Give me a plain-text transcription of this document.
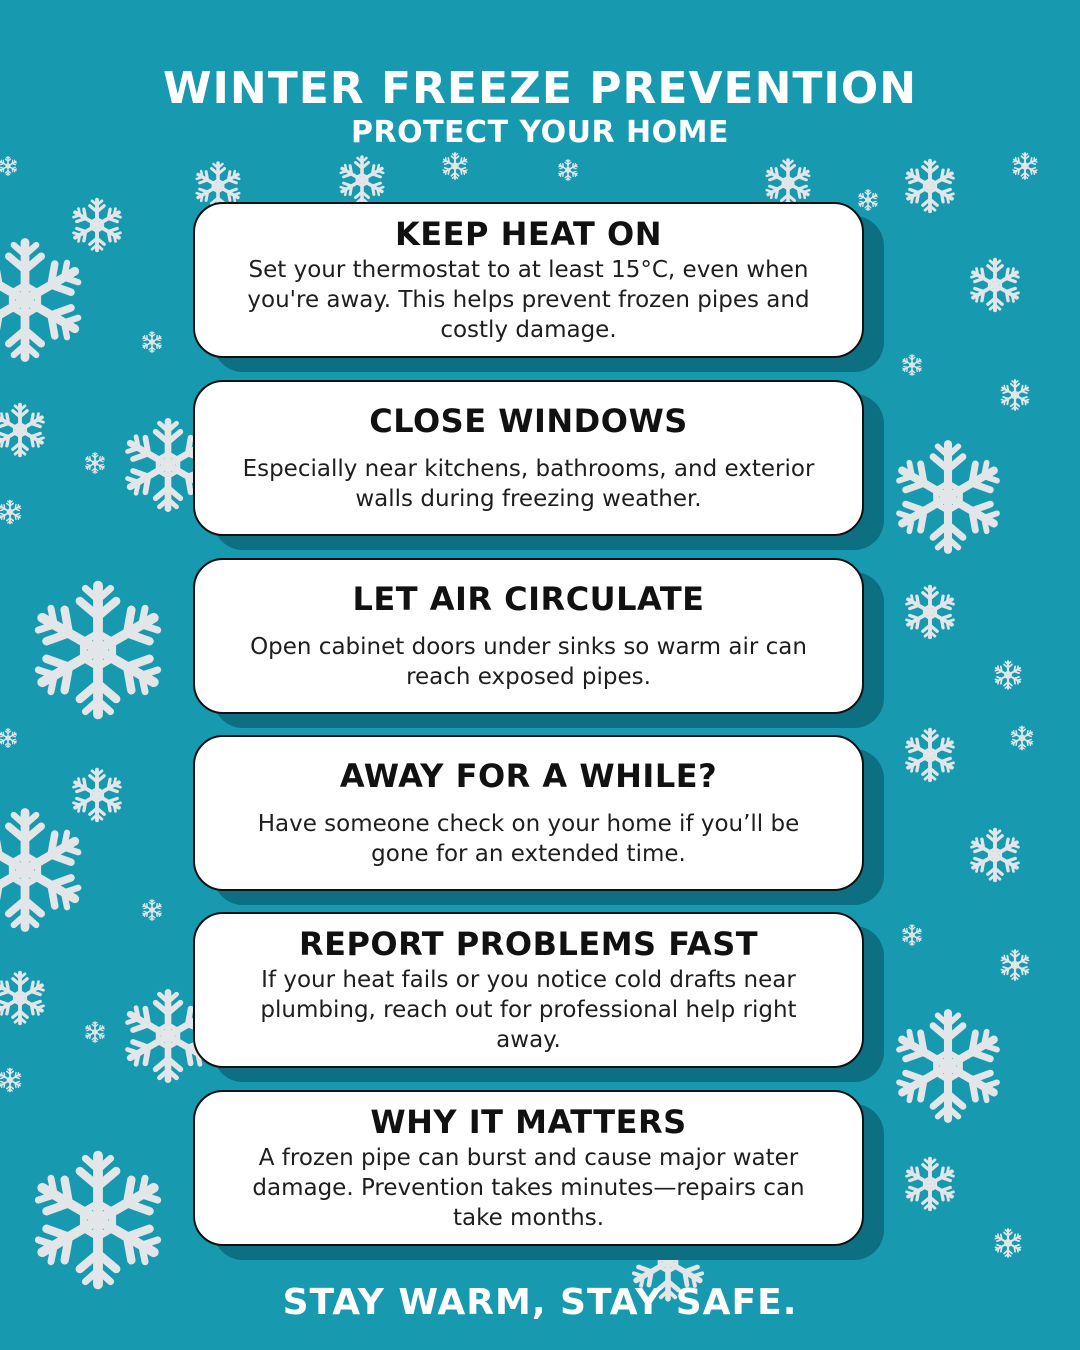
WINTER FREEZE PREVENTION
PROTECT YOUR HOME
KEEP HEAT ON

Set your thermostat to at least 15°C, even when you're away. This helps prevent frozen pipes and costly damage.

CLOSE WINDOWS

Especially near kitchens, bathrooms, and exterior walls during freezing weather.

LET AIR CIRCULATE

Open cabinet doors under sinks so warm air can reach exposed pipes.

AWAY FOR A WHILE?

Have someone check on your home if you’ll be gone for an extended time.

REPORT PROBLEMS FAST

If your heat fails or you notice cold drafts near plumbing, reach out for professional help right away.

WHY IT MATTERS

A frozen pipe can burst and cause major water damage. Prevention takes minutes—repairs can take months.

STAY WARM, STAY SAFE.
